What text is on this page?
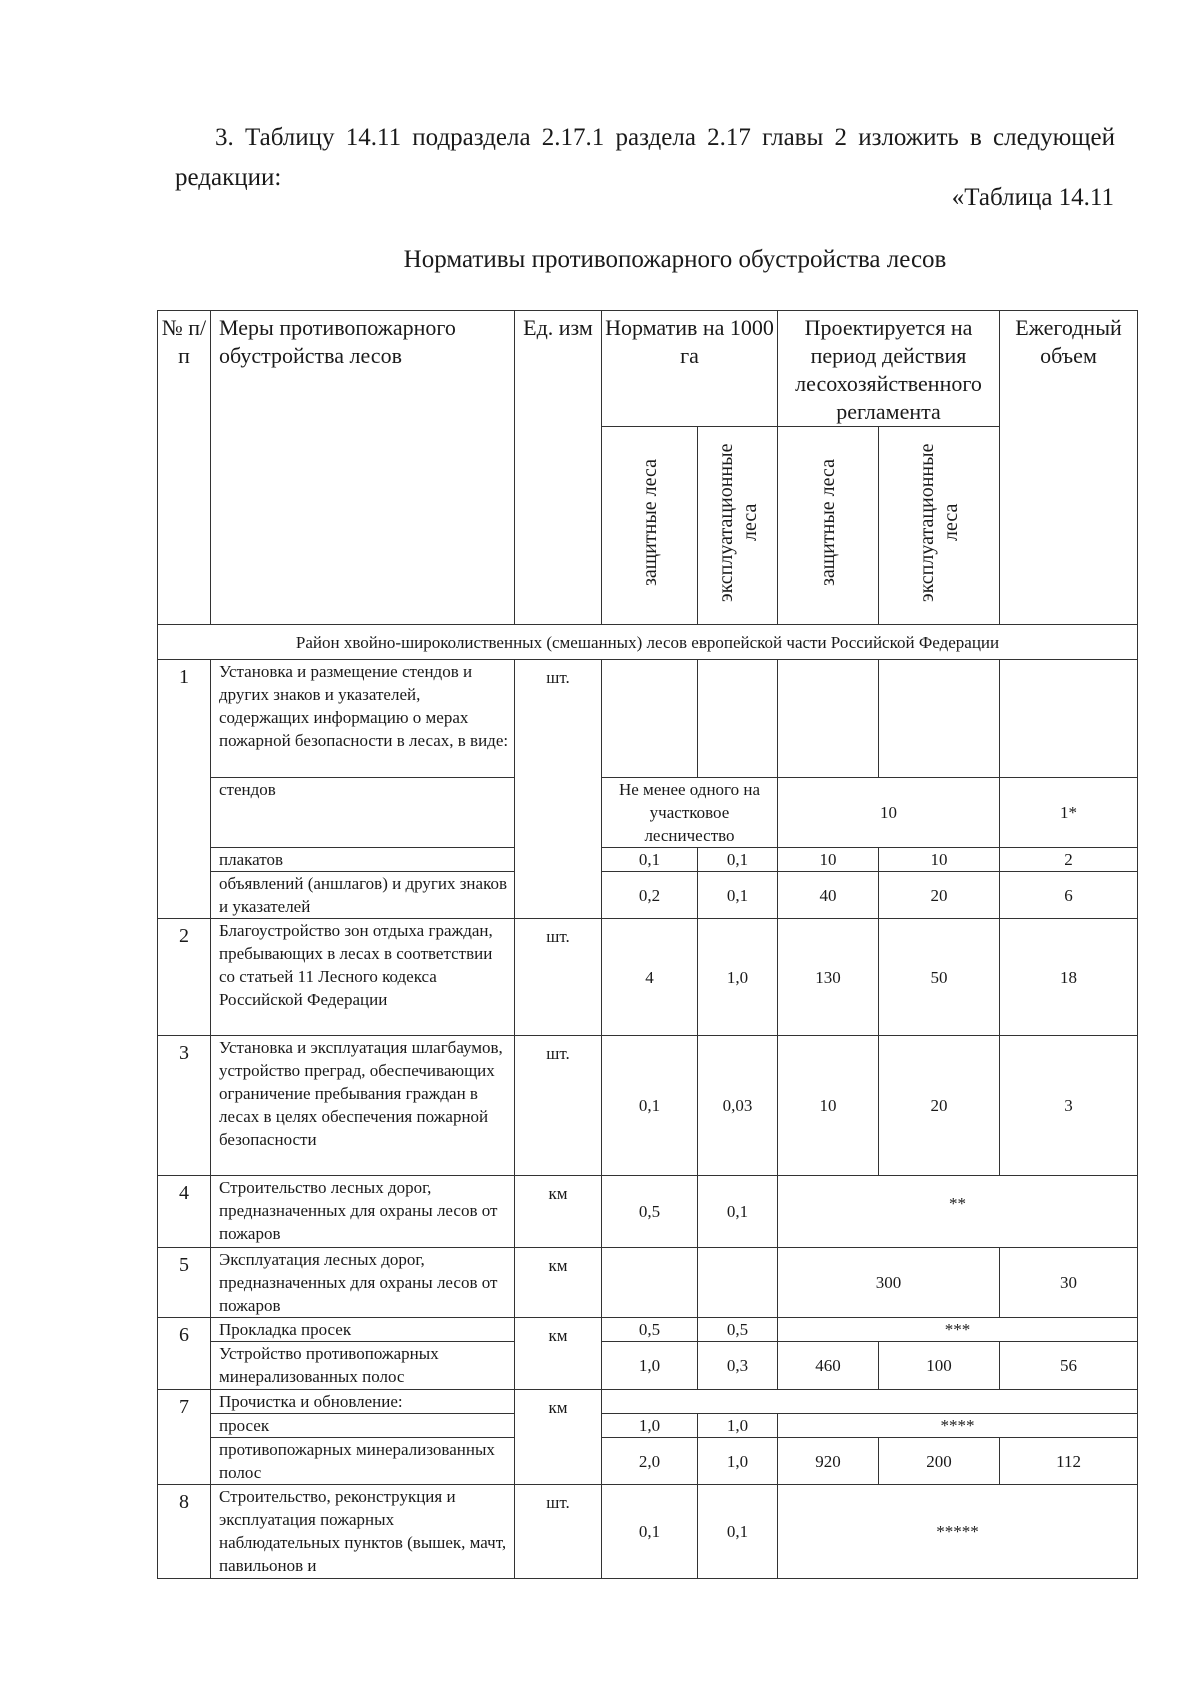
3. Таблицу 14.11 подраздела 2.17.1 раздела 2.17 главы 2 изложить в следующей редакции:

«Таблица 14.11
Нормативы противопожарного обустройства лесов
№ п/п	Меры противопожарного обустройства лесов	Ед. изм	Норматив на 1000 га		Проектируется на период действия лесохозяйственного регламента		Ежегодный объем
			защитные леса	эксплуатационные леса	защитные леса	эксплуатационные леса	
Район хвойно-широколиственных (смешанных) лесов европейской части Российской Федерации							
1	Установка и размещение стендов и других знаков и указателей, содержащих информацию о мерах пожарной безопасности в лесах, в виде:	шт.					
	стендов		Не менее одного на участковое лесничество		10		1*
	плакатов		0,1	0,1	10	10	2
	объявлений (аншлагов) и других знаков и указателей		0,2	0,1	40	20	6
2	Благоустройство зон отдыха граждан, пребывающих в лесах в соответствии со статьей 11 Лесного кодекса Российской Федерации	шт.	4	1,0	130	50	18
3	Установка и эксплуатация шлагбаумов, устройство преград, обеспечивающих ограничение пребывания граждан в лесах в целях обеспечения пожарной безопасности	шт.	0,1	0,03	10	20	3
4	Строительство лесных дорог, предназначенных для охраны лесов от пожаров	км	0,5	0,1	**		
5	Эксплуатация лесных дорог, предназначенных для охраны лесов от пожаров	км			300		30
6	Прокладка просек	км	0,5	0,5	***		
	Устройство противопожарных минерализованных полос		1,0	0,3	460	100	56
7	Прочистка и обновление:	км					
	просек		1,0	1,0	****		
	противопожарных минерализованных полос		2,0	1,0	920	200	112
8	Строительство, реконструкция и эксплуатация пожарных наблюдательных пунктов (вышек, мачт, павильонов и	шт.	0,1	0,1	*****		
